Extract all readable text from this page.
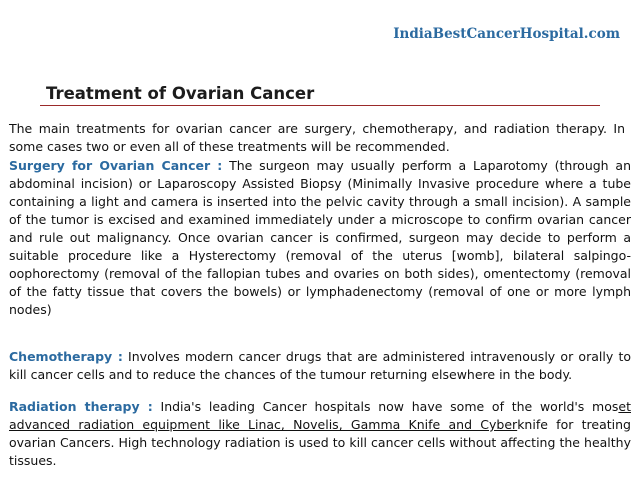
IndiaBestCancerHospital.com
Treatment of Ovarian Cancer

The main treatments for ovarian cancer are surgery, chemotherapy, and radiation therapy. In some cases two or even all of these treatments will be recommended.

Surgery for Ovarian Cancer : The surgeon may usually perform a Laparotomy (through an abdominal incision) or Laparoscopy Assisted Biopsy (Minimally Invasive procedure where a tube containing a light and camera is inserted into the pelvic cavity through a small incision). A sample of the tumor is excised and examined immediately under a microscope to confirm ovarian cancer and rule out malignancy. Once ovarian cancer is confirmed, surgeon may decide to perform a suitable procedure like a Hysterectomy (removal of the uterus [womb], bilateral salpingo-oophorectomy (removal of the fallopian tubes and ovaries on both sides), omentectomy (removal of the fatty tissue that covers the bowels) or lymphadenectomy (removal of one or more lymph nodes)

Chemotherapy : Involves modern cancer drugs that are administered intravenously or orally to kill cancer cells and to reduce the chances of the tumour returning elsewhere in the body.

Radiation therapy : India's leading Cancer hospitals now have some of the world's moset advanced radiation equipment like Linac, Novelis, Gamma Knife and Cyberknife for treating ovarian Cancers. High technology radiation is used to kill cancer cells without affecting the healthy tissues.
